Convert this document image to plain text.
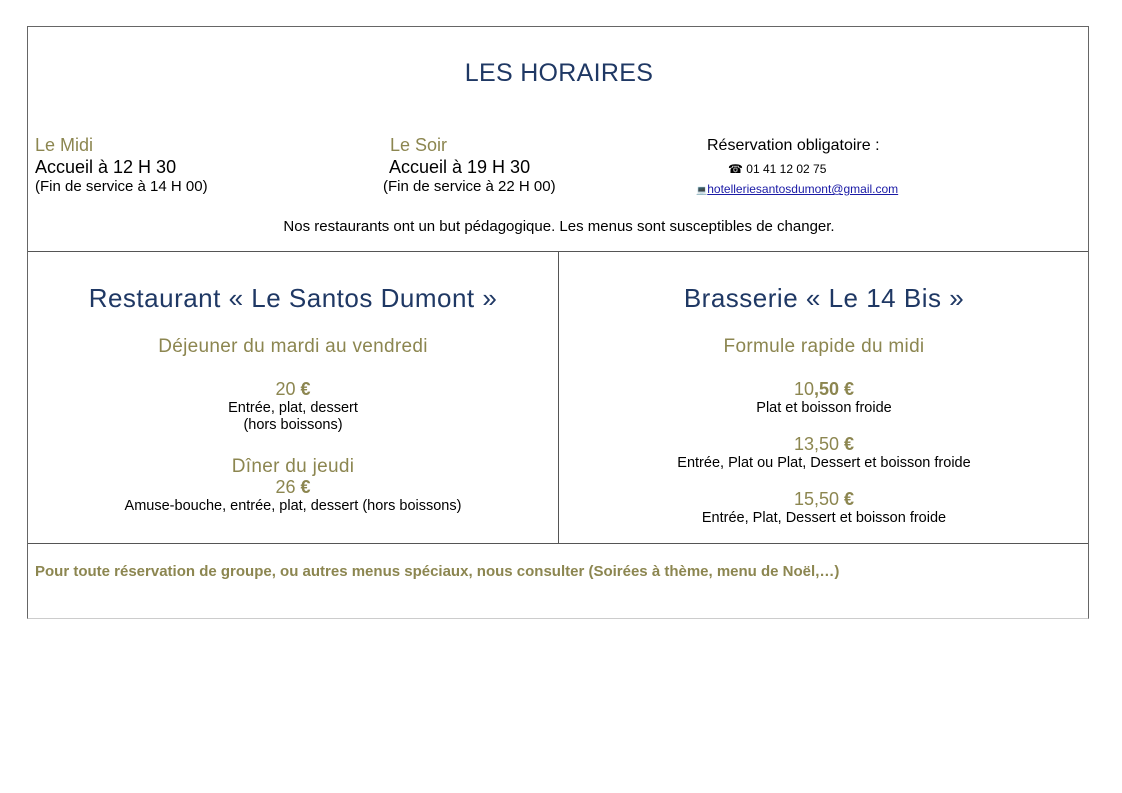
LES HORAIRES
Le Midi
Accueil à 12 H 30
(Fin de service à 14 H 00)
Le Soir
Accueil à 19 H 30
(Fin de service à 22 H 00)
Réservation obligatoire :
☎ 01 41 12 02 75
💻hotelleriesantosdumont@gmail.com
Nos restaurants ont un but pédagogique. Les menus sont susceptibles de changer.
Restaurant « Le Santos Dumont »
Déjeuner du mardi au vendredi
20 €
Entrée, plat, dessert
(hors boissons)
Dîner du jeudi
26 €
Amuse-bouche, entrée, plat, dessert (hors boissons)
Brasserie « Le 14 Bis »
Formule rapide du midi
10,50 €
Plat et boisson froide
13,50 €
Entrée, Plat ou Plat, Dessert et boisson froide
15,50 €
Entrée, Plat, Dessert et boisson froide
Pour toute réservation de groupe, ou autres menus spéciaux, nous consulter (Soirées à thème, menu de Noël,…)
